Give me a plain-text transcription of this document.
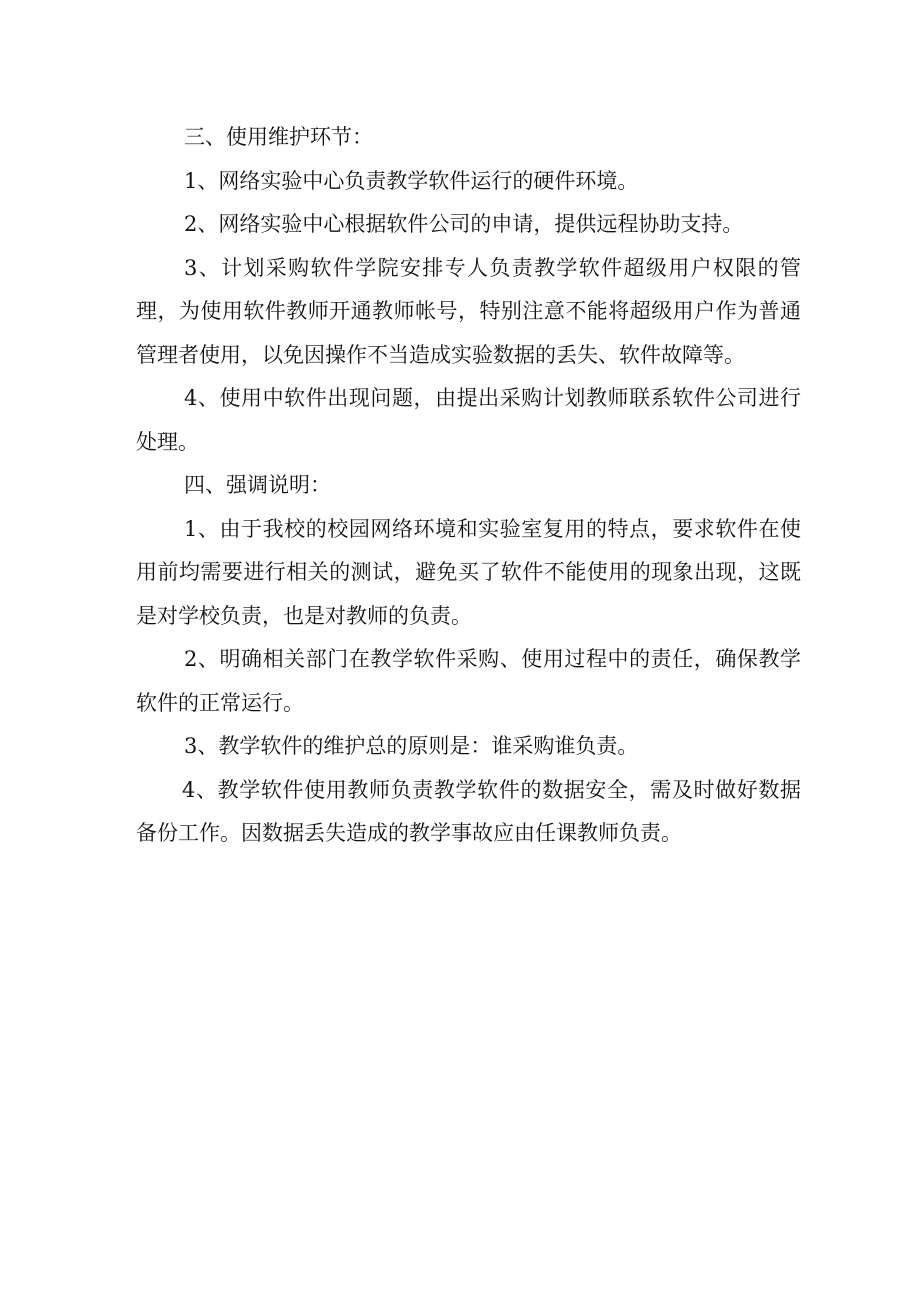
三、使用维护环节：

1、网络实验中心负责教学软件运行的硬件环境。

2、网络实验中心根据软件公司的申请，提供远程协助支持。

3、计划采购软件学院安排专人负责教学软件超级用户权限的管理，为使用软件教师开通教师帐号，特别注意不能将超级用户作为普通管理者使用，以免因操作不当造成实验数据的丢失、软件故障等。

4、使用中软件出现问题，由提出采购计划教师联系软件公司进行处理。

四、强调说明：

1、由于我校的校园网络环境和实验室复用的特点，要求软件在使用前均需要进行相关的测试，避免买了软件不能使用的现象出现，这既是对学校负责，也是对教师的负责。

2、明确相关部门在教学软件采购、使用过程中的责任，确保教学软件的正常运行。

3、教学软件的维护总的原则是：谁采购谁负责。

4、教学软件使用教师负责教学软件的数据安全，需及时做好数据备份工作。因数据丢失造成的教学事故应由任课教师负责。
